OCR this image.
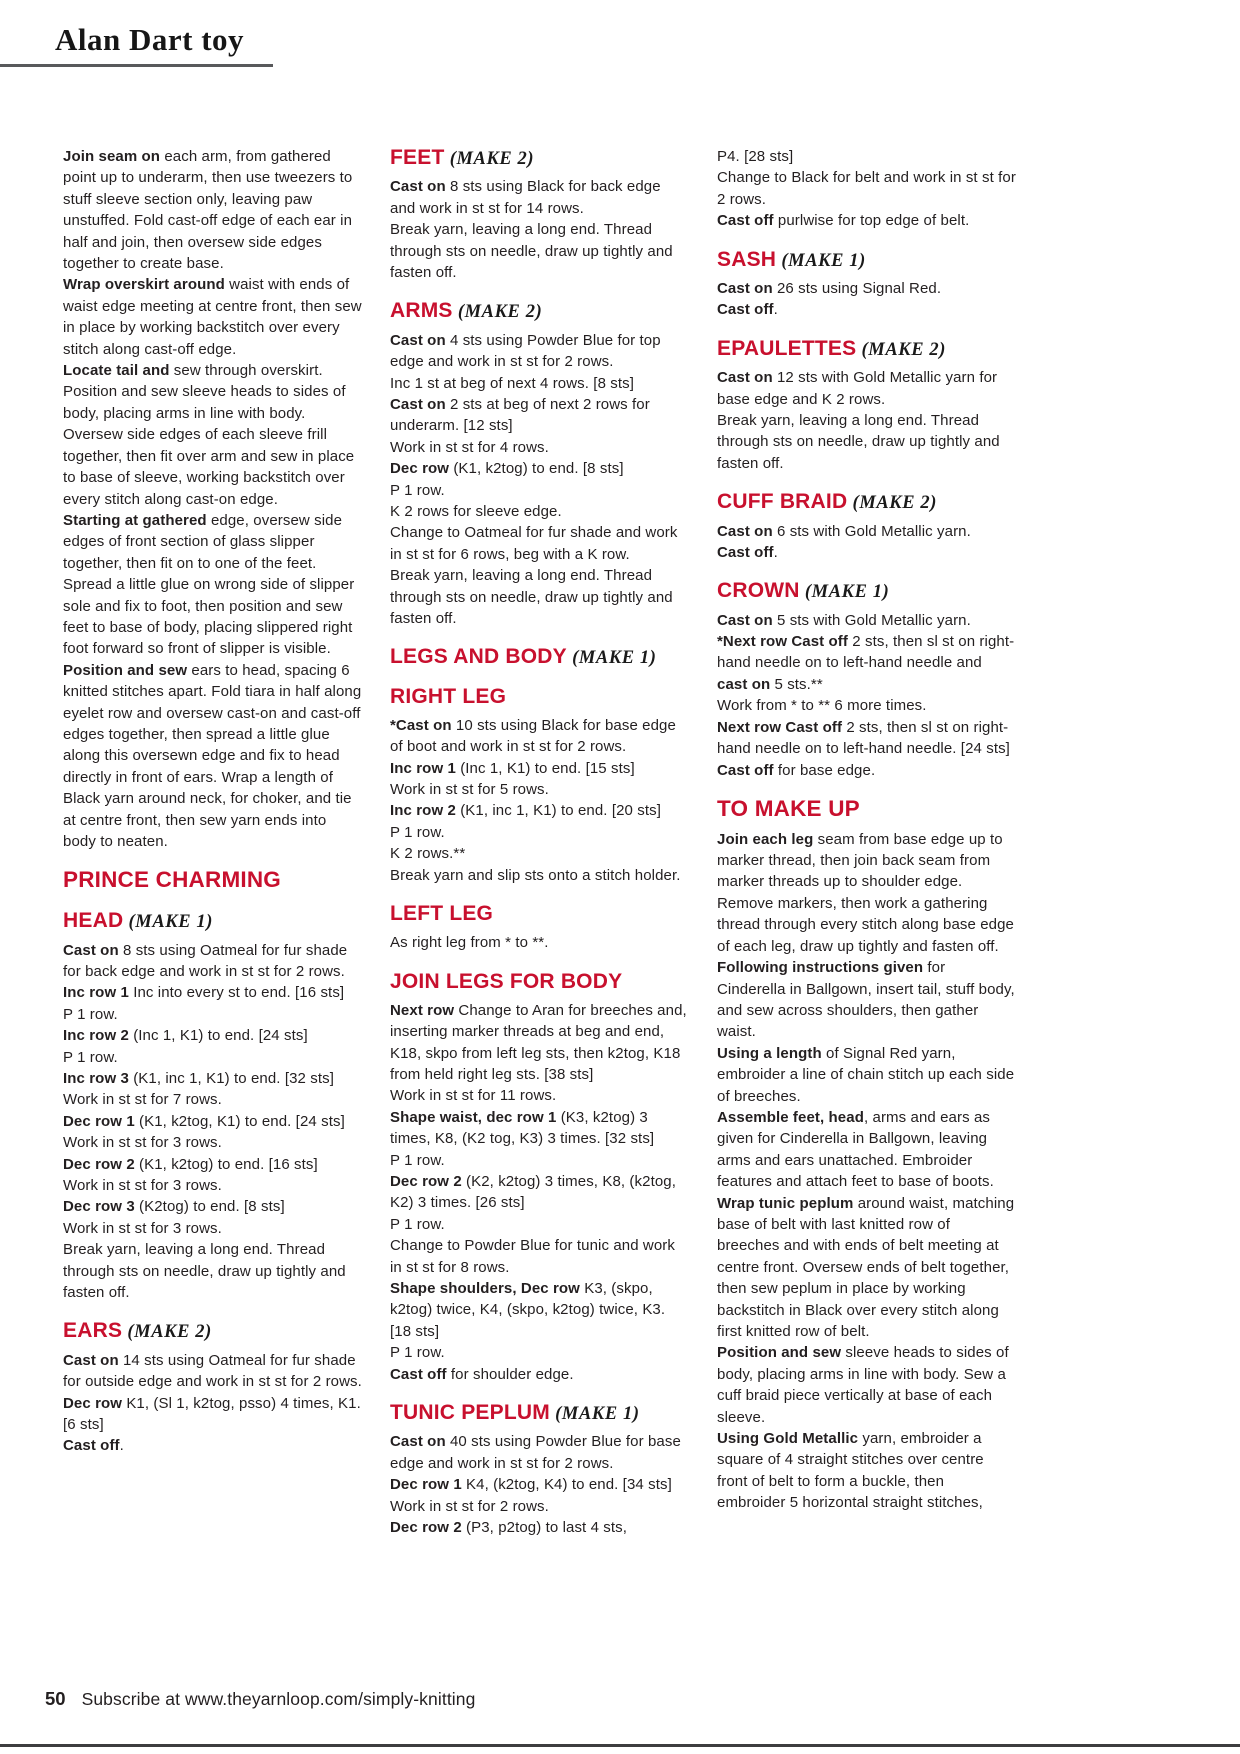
Alan Dart toy

Join seam on each arm, from gathered point up to underarm, then use tweezers to stuff sleeve section only, leaving paw unstuffed. Fold cast-off edge of each ear in half and join, then oversew side edges together to create base.

Wrap overskirt around waist with ends of waist edge meeting at centre front, then sew in place by working backstitch over every stitch along cast-off edge.

Locate tail and sew through overskirt. Position and sew sleeve heads to sides of body, placing arms in line with body. Oversew side edges of each sleeve frill together, then fit over arm and sew in place to base of sleeve, working backstitch over every stitch along cast-on edge.

Starting at gathered edge, oversew side edges of front section of glass slipper together, then fit on to one of the feet. Spread a little glue on wrong side of slipper sole and fix to foot, then position and sew feet to base of body, placing slippered right foot forward so front of slipper is visible.

Position and sew ears to head, spacing 6 knitted stitches apart. Fold tiara in half along eyelet row and oversew cast-on and cast-off edges together, then spread a little glue along this oversewn edge and fix to head directly in front of ears. Wrap a length of Black yarn around neck, for choker, and tie at centre front, then sew yarn ends into body to neaten.

PRINCE CHARMING
HEAD (MAKE 1)

Cast on 8 sts using Oatmeal for fur shade for back edge and work in st st for 2 rows.

Inc row 1 Inc into every st to end. [16 sts]

P 1 row.

Inc row 2 (Inc 1, K1) to end. [24 sts]

P 1 row.

Inc row 3 (K1, inc 1, K1) to end. [32 sts]

Work in st st for 7 rows.

Dec row 1 (K1, k2tog, K1) to end. [24 sts]

Work in st st for 3 rows.

Dec row 2 (K1, k2tog) to end. [16 sts]

Work in st st for 3 rows.

Dec row 3 (K2tog) to end. [8 sts]

Work in st st for 3 rows.

Break yarn, leaving a long end. Thread through sts on needle, draw up tightly and fasten off.

EARS (MAKE 2)

Cast on 14 sts using Oatmeal for fur shade for outside edge and work in st st for 2 rows.

Dec row K1, (Sl 1, k2tog, psso) 4 times, K1. [6 sts]

Cast off.

FEET (MAKE 2)

Cast on 8 sts using Black for back edge and work in st st for 14 rows.

Break yarn, leaving a long end. Thread through sts on needle, draw up tightly and fasten off.

ARMS (MAKE 2)

Cast on 4 sts using Powder Blue for top edge and work in st st for 2 rows.

Inc 1 st at beg of next 4 rows. [8 sts]

Cast on 2 sts at beg of next 2 rows for underarm. [12 sts]

Work in st st for 4 rows.

Dec row (K1, k2tog) to end. [8 sts]

P 1 row.

K 2 rows for sleeve edge.

Change to Oatmeal for fur shade and work in st st for 6 rows, beg with a K row.

Break yarn, leaving a long end. Thread through sts on needle, draw up tightly and fasten off.

LEGS AND BODY (MAKE 1)
RIGHT LEG

*Cast on 10 sts using Black for base edge of boot and work in st st for 2 rows.

Inc row 1 (Inc 1, K1) to end. [15 sts]

Work in st st for 5 rows.

Inc row 2 (K1, inc 1, K1) to end. [20 sts]

P 1 row.

K 2 rows.**

Break yarn and slip sts onto a stitch holder.

LEFT LEG

As right leg from * to **.

JOIN LEGS FOR BODY

Next row Change to Aran for breeches and, inserting marker threads at beg and end, K18, skpo from left leg sts, then k2tog, K18 from held right leg sts. [38 sts]

Work in st st for 11 rows.

Shape waist, dec row 1 (K3, k2tog) 3 times, K8, (K2 tog, K3) 3 times. [32 sts]

P 1 row.

Dec row 2 (K2, k2tog) 3 times, K8, (k2tog, K2) 3 times. [26 sts]

P 1 row.

Change to Powder Blue for tunic and work in st st for 8 rows.

Shape shoulders, Dec row K3, (skpo, k2tog) twice, K4, (skpo, k2tog) twice, K3. [18 sts]

P 1 row.

Cast off for shoulder edge.

TUNIC PEPLUM (MAKE 1)

Cast on 40 sts using Powder Blue for base edge and work in st st for 2 rows.

Dec row 1 K4, (k2tog, K4) to end. [34 sts]

Work in st st for 2 rows.

Dec row 2 (P3, p2tog) to last 4 sts,

P4. [28 sts]

Change to Black for belt and work in st st for 2 rows.

Cast off purlwise for top edge of belt.

SASH (MAKE 1)

Cast on 26 sts using Signal Red.

Cast off.

EPAULETTES (MAKE 2)

Cast on 12 sts with Gold Metallic yarn for base edge and K 2 rows.

Break yarn, leaving a long end. Thread through sts on needle, draw up tightly and fasten off.

CUFF BRAID (MAKE 2)

Cast on 6 sts with Gold Metallic yarn.

Cast off.

CROWN (MAKE 1)

Cast on 5 sts with Gold Metallic yarn.

*Next row Cast off 2 sts, then sl st on right-hand needle on to left-hand needle and cast on 5 sts.**

Work from * to ** 6 more times.

Next row Cast off 2 sts, then sl st on right-hand needle on to left-hand needle. [24 sts]

Cast off for base edge.

TO MAKE UP

Join each leg seam from base edge up to marker thread, then join back seam from marker threads up to shoulder edge. Remove markers, then work a gathering thread through every stitch along base edge of each leg, draw up tightly and fasten off.

Following instructions given for Cinderella in Ballgown, insert tail, stuff body, and sew across shoulders, then gather waist.

Using a length of Signal Red yarn, embroider a line of chain stitch up each side of breeches.

Assemble feet, head, arms and ears as given for Cinderella in Ballgown, leaving arms and ears unattached. Embroider features and attach feet to base of boots.

Wrap tunic peplum around waist, matching base of belt with last knitted row of breeches and with ends of belt meeting at centre front. Oversew ends of belt together, then sew peplum in place by working backstitch in Black over every stitch along first knitted row of belt.

Position and sew sleeve heads to sides of body, placing arms in line with body. Sew a cuff braid piece vertically at base of each sleeve.

Using Gold Metallic yarn, embroider a square of 4 straight stitches over centre front of belt to form a buckle, then embroider 5 horizontal straight stitches,

50 Subscribe at www.theyarnloop.com/simply-knitting
